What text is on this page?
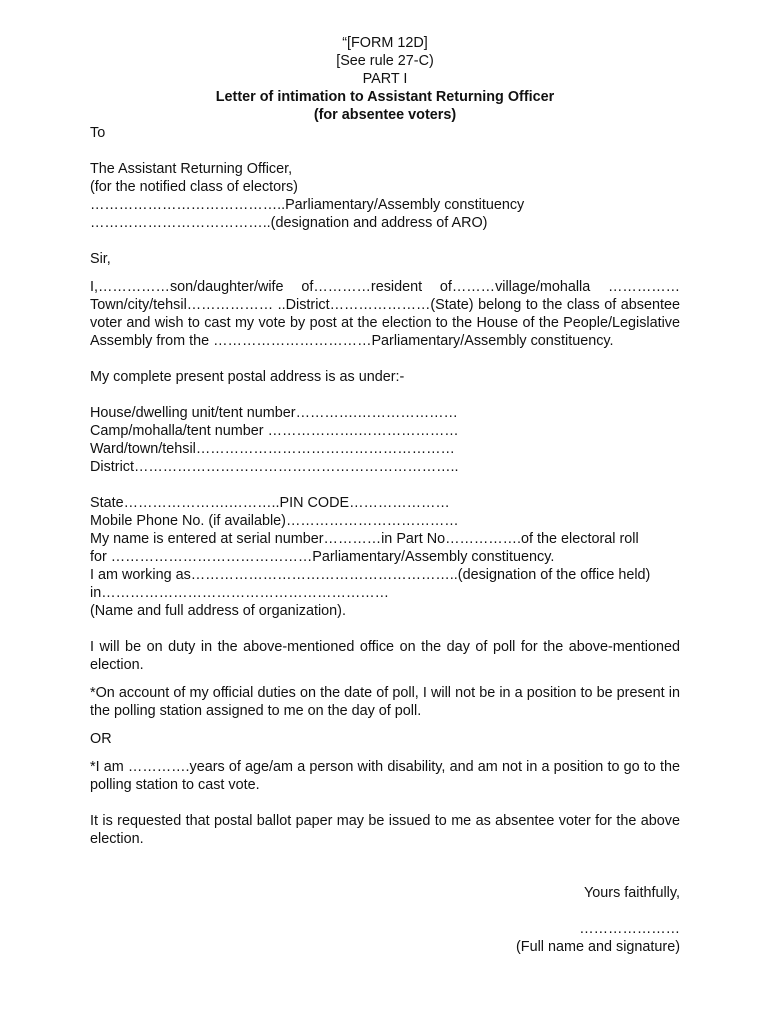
“[FORM 12D]
[See rule 27-C)
PART I
Letter of intimation to Assistant Returning Officer
(for absentee voters)
To
The Assistant Returning Officer,
(for the notified class of electors)
…………………………………..Parliamentary/Assembly constituency
………………………………..(designation and address of ARO)
Sir,
I,……………son/daughter/wife of…………resident of………village/mohalla …………… Town/city/tehsil……………… ..District…………………(State) belong to the class of absentee voter and wish to cast my vote by post at the election to the House of the People/Legislative Assembly from the ……………………………Parliamentary/Assembly constituency.
My complete present postal address is as under:-
House/dwelling unit/tent number………….…………………
Camp/mohalla/tent number ……………….…………………
Ward/town/tehsil………………………………………………
District…………………………………………………………..
State………………….………..PIN CODE…………………
Mobile Phone No. (if available)………………………………
My name is entered at serial number…………in Part No…………….of the electoral roll
for ……………………………………Parliamentary/Assembly constituency.
I am working as………………………………………………..(designation of the office held)
in……………………………………………………
(Name and full address of organization).
I will be on duty in the above-mentioned office on the day of poll for the above-mentioned election.
*On account of my official duties on the date of poll, I will not be in a position to be present in the polling station assigned to me on the day of poll.
OR
*I am ………….years of age/am a person with disability, and am not in a position to go to the polling station to cast vote.
It is requested that postal ballot paper may be issued to me as absentee voter for the above election.
Yours faithfully,
…………………
(Full name and signature)
